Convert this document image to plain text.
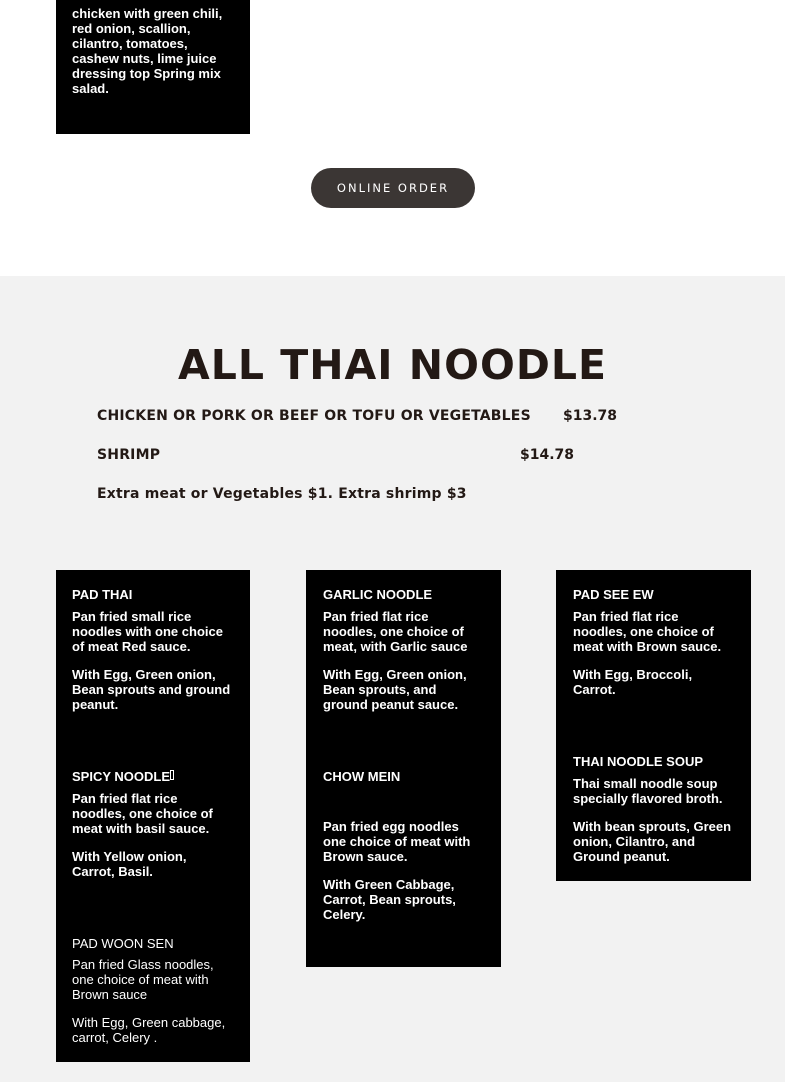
chicken with green chili, red onion, scallion, cilantro, tomatoes, cashew nuts, lime juice dressing top Spring mix salad.

ONLINE ORDER
ALL THAI NOODLE
CHICKEN OR PORK OR BEEF OR TOFU OR VEGETABLES $13.78
SHRIMP	$14.78
Extra meat or Vegetables $1. Extra shrimp $3
PAD THAI

Pan fried small rice noodles with one choice of meat Red sauce.

With Egg, Green onion, Bean sprouts and ground peanut.

SPICY NOODLE

Pan fried flat rice noodles, one choice of meat with basil sauce.

With Yellow onion, Carrot, Basil.

PAD WOON SEN

Pan fried Glass noodles, one choice of meat with Brown sauce

With Egg, Green cabbage, carrot, Celery .

GARLIC NOODLE

Pan fried flat rice noodles, one choice of meat, with Garlic sauce

With Egg, Green onion, Bean sprouts, and ground peanut sauce.

CHOW MEIN

Pan fried egg noodles one choice of meat with Brown sauce.

With Green Cabbage, Carrot, Bean sprouts, Celery.

PAD SEE EW

Pan fried flat rice noodles, one choice of meat with Brown sauce.

With Egg, Broccoli, Carrot.

THAI NOODLE SOUP

Thai small noodle soup specially flavored broth.

With bean sprouts, Green onion, Cilantro, and Ground peanut.
